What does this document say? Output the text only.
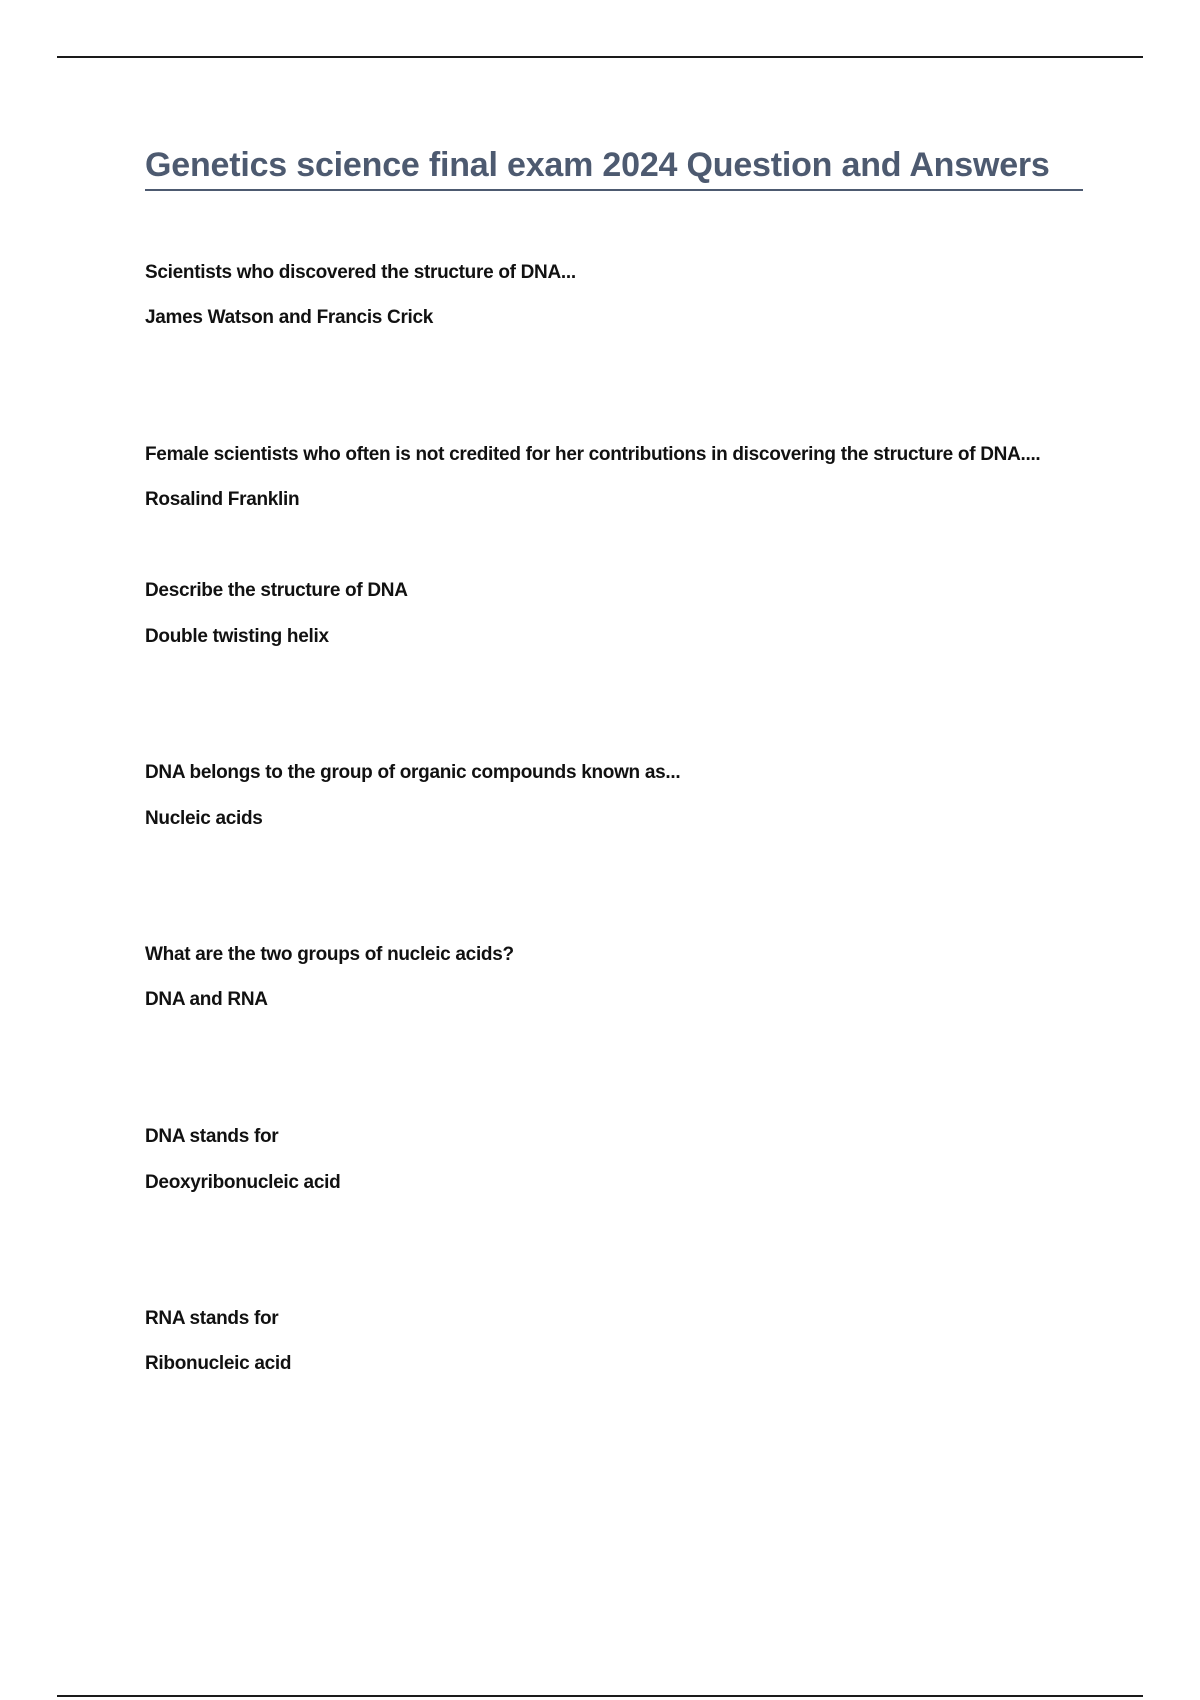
Genetics science final exam 2024 Question and Answers

Scientists who discovered the structure of DNA...

James Watson and Francis Crick

Female scientists who often is not credited for her contributions in discovering the structure of DNA....

Rosalind Franklin

Describe the structure of DNA

Double twisting helix

DNA belongs to the group of organic compounds known as...

Nucleic acids

What are the two groups of nucleic acids?

DNA and RNA

DNA stands for

Deoxyribonucleic acid

RNA stands for

Ribonucleic acid
